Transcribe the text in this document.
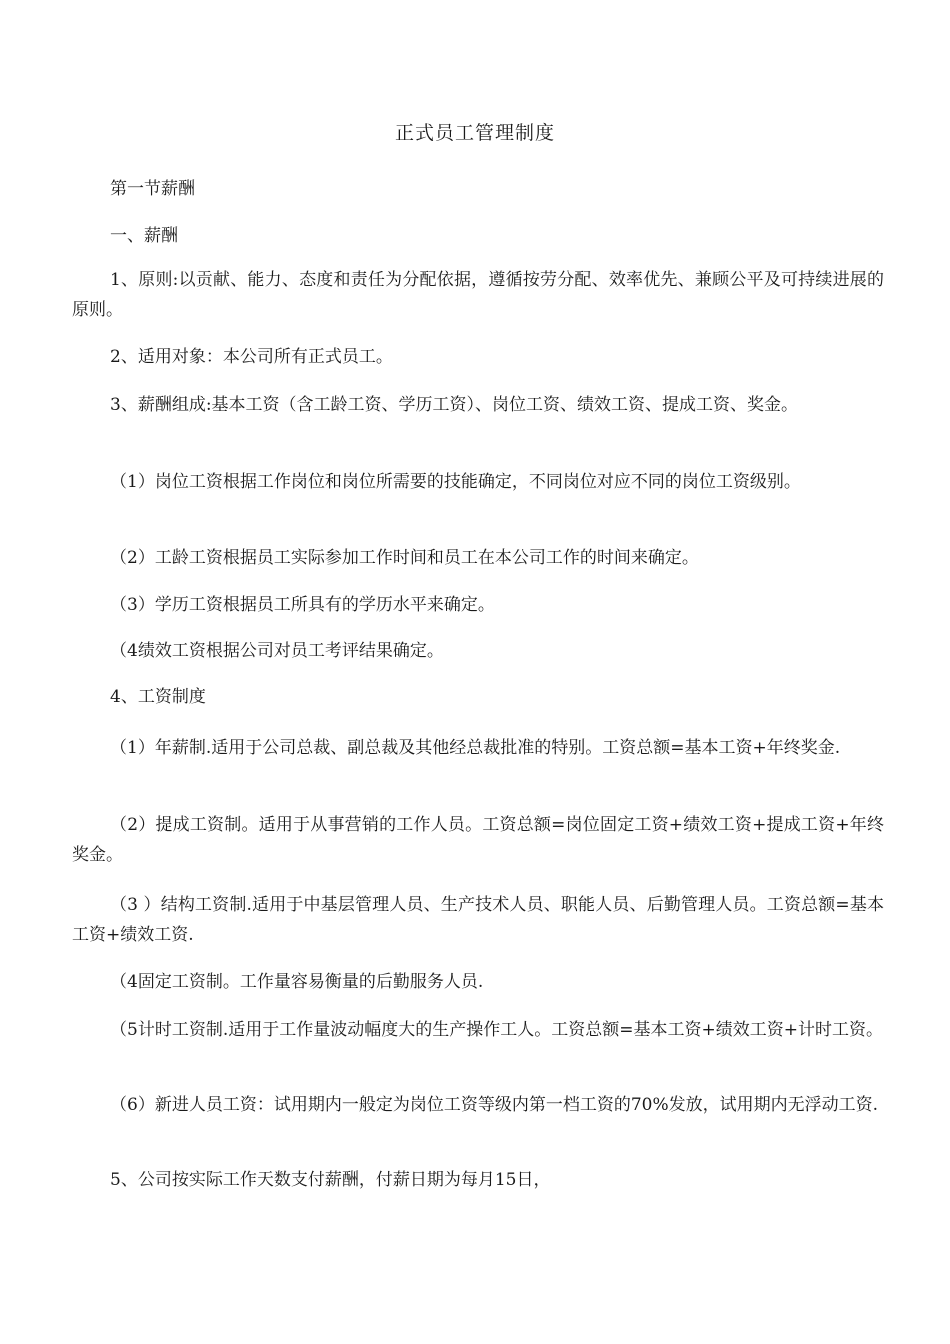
正式员工管理制度

第一节薪酬

一、薪酬

1、原则:以贡献、能力、态度和责任为分配依据，遵循按劳分配、效率优先、兼顾公平及可持续进展的原则。

2、适用对象：本公司所有正式员工。

3、薪酬组成:基本工资（含工龄工资、学历工资）、岗位工资、绩效工资、提成工资、奖金。

（1）岗位工资根据工作岗位和岗位所需要的技能确定，不同岗位对应不同的岗位工资级别。

（2）工龄工资根据员工实际参加工作时间和员工在本公司工作的时间来确定。

（3）学历工资根据员工所具有的学历水平来确定。

（4绩效工资根据公司对员工考评结果确定。

4、工资制度

（1）年薪制.适用于公司总裁、副总裁及其他经总裁批准的特别。工资总额=基本工资+年终奖金.

（2）提成工资制。适用于从事营销的工作人员。工资总额=岗位固定工资+绩效工资+提成工资+年终奖金。

（3 ）结构工资制.适用于中基层管理人员、生产技术人员、职能人员、后勤管理人员。工资总额=基本工资+绩效工资.

（4固定工资制。工作量容易衡量的后勤服务人员.

（5计时工资制.适用于工作量波动幅度大的生产操作工人。工资总额=基本工资+绩效工资+计时工资。

（6）新进人员工资：试用期内一般定为岗位工资等级内第一档工资的70%发放，试用期内无浮动工资.

5、公司按实际工作天数支付薪酬，付薪日期为每月15日，
